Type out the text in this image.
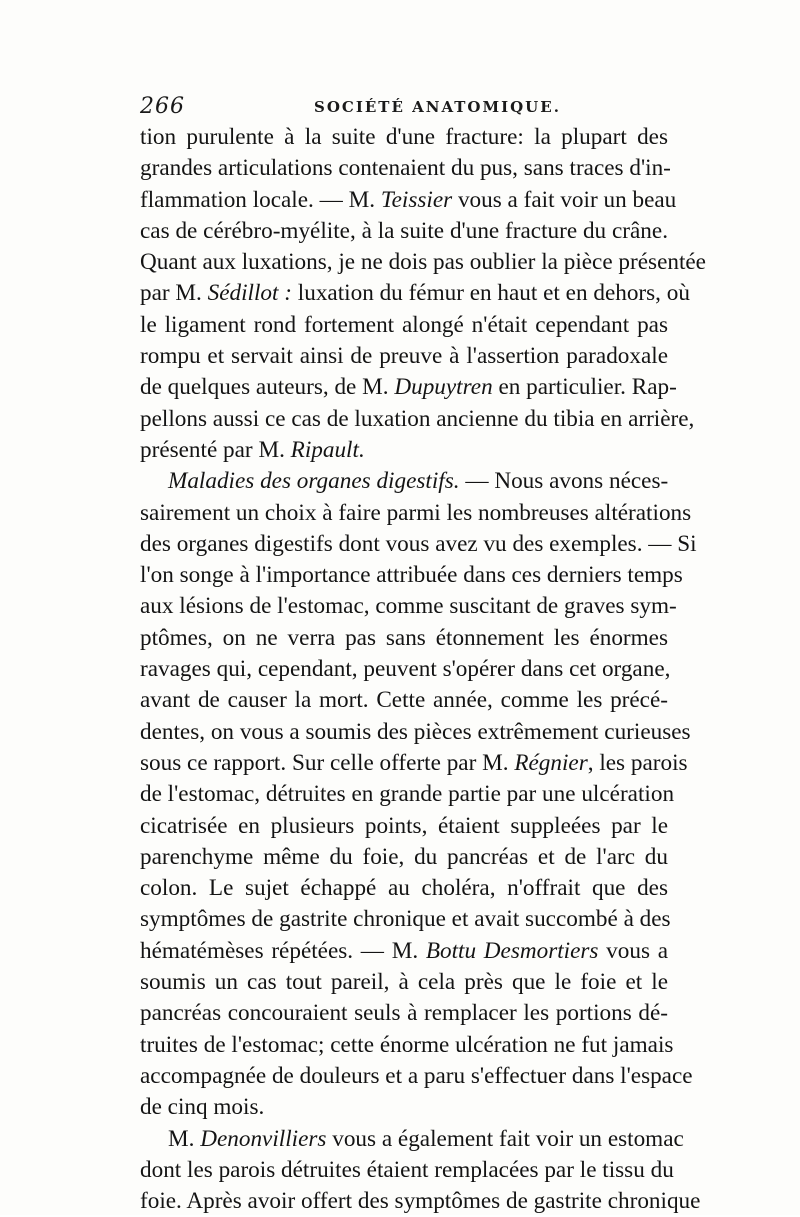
266	SOCIÉTÉ ANATOMIQUE.
tion purulente à la suite d'une fracture: la plupart des
grandes articulations contenaient du pus, sans traces d'in-
flammation locale. — M. Teissier vous a fait voir un beau
cas de cérébro-myélite, à la suite d'une fracture du crâne.
Quant aux luxations, je ne dois pas oublier la pièce présentée
par M. Sédillot : luxation du fémur en haut et en dehors, où
le ligament rond fortement alongé n'était cependant pas
rompu et servait ainsi de preuve à l'assertion paradoxale
de quelques auteurs, de M. Dupuytren en particulier. Rap-
pellons aussi ce cas de luxation ancienne du tibia en arrière,
présenté par M. Ripault.
Maladies des organes digestifs. — Nous avons néces-
sairement un choix à faire parmi les nombreuses altérations
des organes digestifs dont vous avez vu des exemples. — Si
l'on songe à l'importance attribuée dans ces derniers temps
aux lésions de l'estomac, comme suscitant de graves sym-
ptômes, on ne verra pas sans étonnement les énormes
ravages qui, cependant, peuvent s'opérer dans cet organe,
avant de causer la mort. Cette année, comme les précé-
dentes, on vous a soumis des pièces extrêmement curieuses
sous ce rapport. Sur celle offerte par M. Régnier, les parois
de l'estomac, détruites en grande partie par une ulcération
cicatrisée en plusieurs points, étaient suppleées par le
parenchyme même du foie, du pancréas et de l'arc du
colon. Le sujet échappé au choléra, n'offrait que des
symptômes de gastrite chronique et avait succombé à des
hématémèses répétées. — M. Bottu Desmortiers vous a
soumis un cas tout pareil, à cela près que le foie et le
pancréas concouraient seuls à remplacer les portions dé-
truites de l'estomac; cette énorme ulcération ne fut jamais
accompagnée de douleurs et a paru s'effectuer dans l'espace
de cinq mois.
M. Denonvilliers vous a également fait voir un estomac
dont les parois détruites étaient remplacées par le tissu du
foie. Après avoir offert des symptômes de gastrite chronique
